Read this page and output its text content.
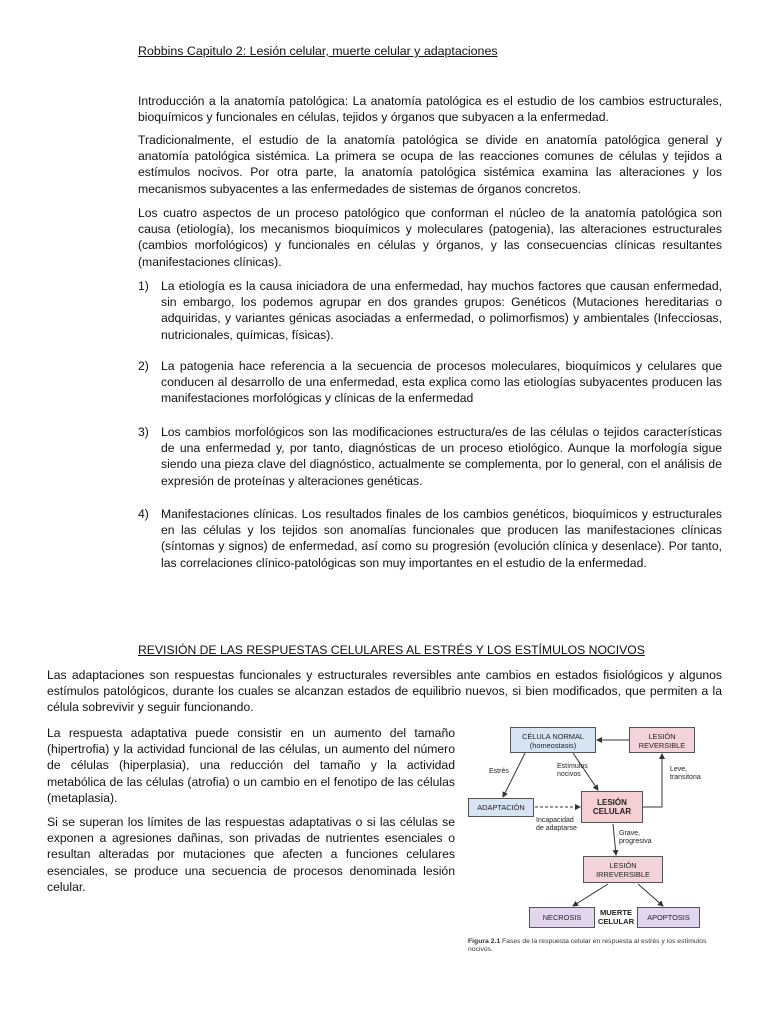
Robbins Capitulo 2: Lesión celular, muerte celular y adaptaciones

Introducción a la anatomía patológica: La anatomía patológica es el estudio de los cambios estructurales, bioquímicos y funcionales en células, tejidos y órganos que subyacen a la enfermedad.

Tradicionalmente, el estudio de la anatomía patológica se divide en anatomía patológica general y anatomía patológica sistémica. La primera se ocupa de las reacciones comunes de células y tejidos a estímulos nocivos. Por otra parte, la anatomía patológica sistémica examina las alteraciones y los mecanismos subyacentes a las enfermedades de sistemas de órganos concretos.

Los cuatro aspectos de un proceso patológico que conforman el núcleo de la anatomía patológica son causa (etiología), los mecanismos bioquímicos y moleculares (patogenia), las alteraciones estructurales (cambios morfológicos) y funcionales en células y órganos, y las consecuencias clínicas resultantes (manifestaciones clínicas).

1) La etiología es la causa iniciadora de una enfermedad, hay muchos factores que causan enfermedad, sin embargo, los podemos agrupar en dos grandes grupos: Genéticos (Mutaciones hereditarias o adquiridas, y variantes génicas asociadas a enfermedad, o polimorfismos) y ambientales (Infecciosas, nutricionales, químicas, físicas).
2) La patogenia hace referencia a la secuencia de procesos moleculares, bioquímicos y celulares que conducen al desarrollo de una enfermedad, esta explica como las etiologías subyacentes producen las manifestaciones morfológicas y clínicas de la enfermedad
3) Los cambios morfológicos son las modificaciones estructura/es de las células o tejidos características de una enfermedad y, por tanto, diagnósticas de un proceso etiológico. Aunque la morfología sigue siendo una pieza clave del diagnóstico, actualmente se complementa, por lo general, con el análisis de expresión de proteínas y alteraciones genéticas.
4) Manifestaciones clínicas. Los resultados finales de los cambios genéticos, bioquímicos y estructurales en las células y los tejidos son anomalías funcionales que producen las manifestaciones clínicas (síntomas y signos) de enfermedad, así como su progresión (evolución clínica y desenlace). Por tanto, las correlaciones clínico-patológicas son muy importantes en el estudio de la enfermedad.
REVISIÓN DE LAS RESPUESTAS CELULARES AL ESTRÉS Y LOS ESTÍMULOS NOCIVOS

Las adaptaciones son respuestas funcionales y estructurales reversibles ante cambios en estados fisiológicos y algunos estímulos patológicos, durante los cuales se alcanzan estados de equilibrio nuevos, si bien modificados, que permiten a la célula sobrevivir y seguir funcionando.

La respuesta adaptativa puede consistir en un aumento del tamaño (hipertrofia) y la actividad funcional de las células, un aumento del número de células (hiperplasia), una reducción del tamaño y la actividad metabólica de las células (atrofia) o un cambio en el fenotipo de las células (metaplasia).

Si se superan los límites de las respuestas adaptativas o si las células se exponen a agresiones dañinas, son privadas de nutrientes esenciales o resultan alteradas por mutaciones que afecten a funciones celulares esenciales, se produce una secuencia de procesos denominada lesión celular.

CÉLULA NORMAL
(homeostasis)
LESIÓN
REVERSIBLE
ADAPTACIÓN
LESIÓN
CELULAR
LESIÓN
IRREVERSIBLE
NECROSIS	APOPTOSIS
MUERTE
CELULAR
Estrés
Estímulos
nocivos
Leve,
transitoria
Incapacidad
de adaptarse
Grave,
progresiva
Figura 2.1 Fases de la respuesta celular en respuesta al estrés y los estímulos nocivos.
